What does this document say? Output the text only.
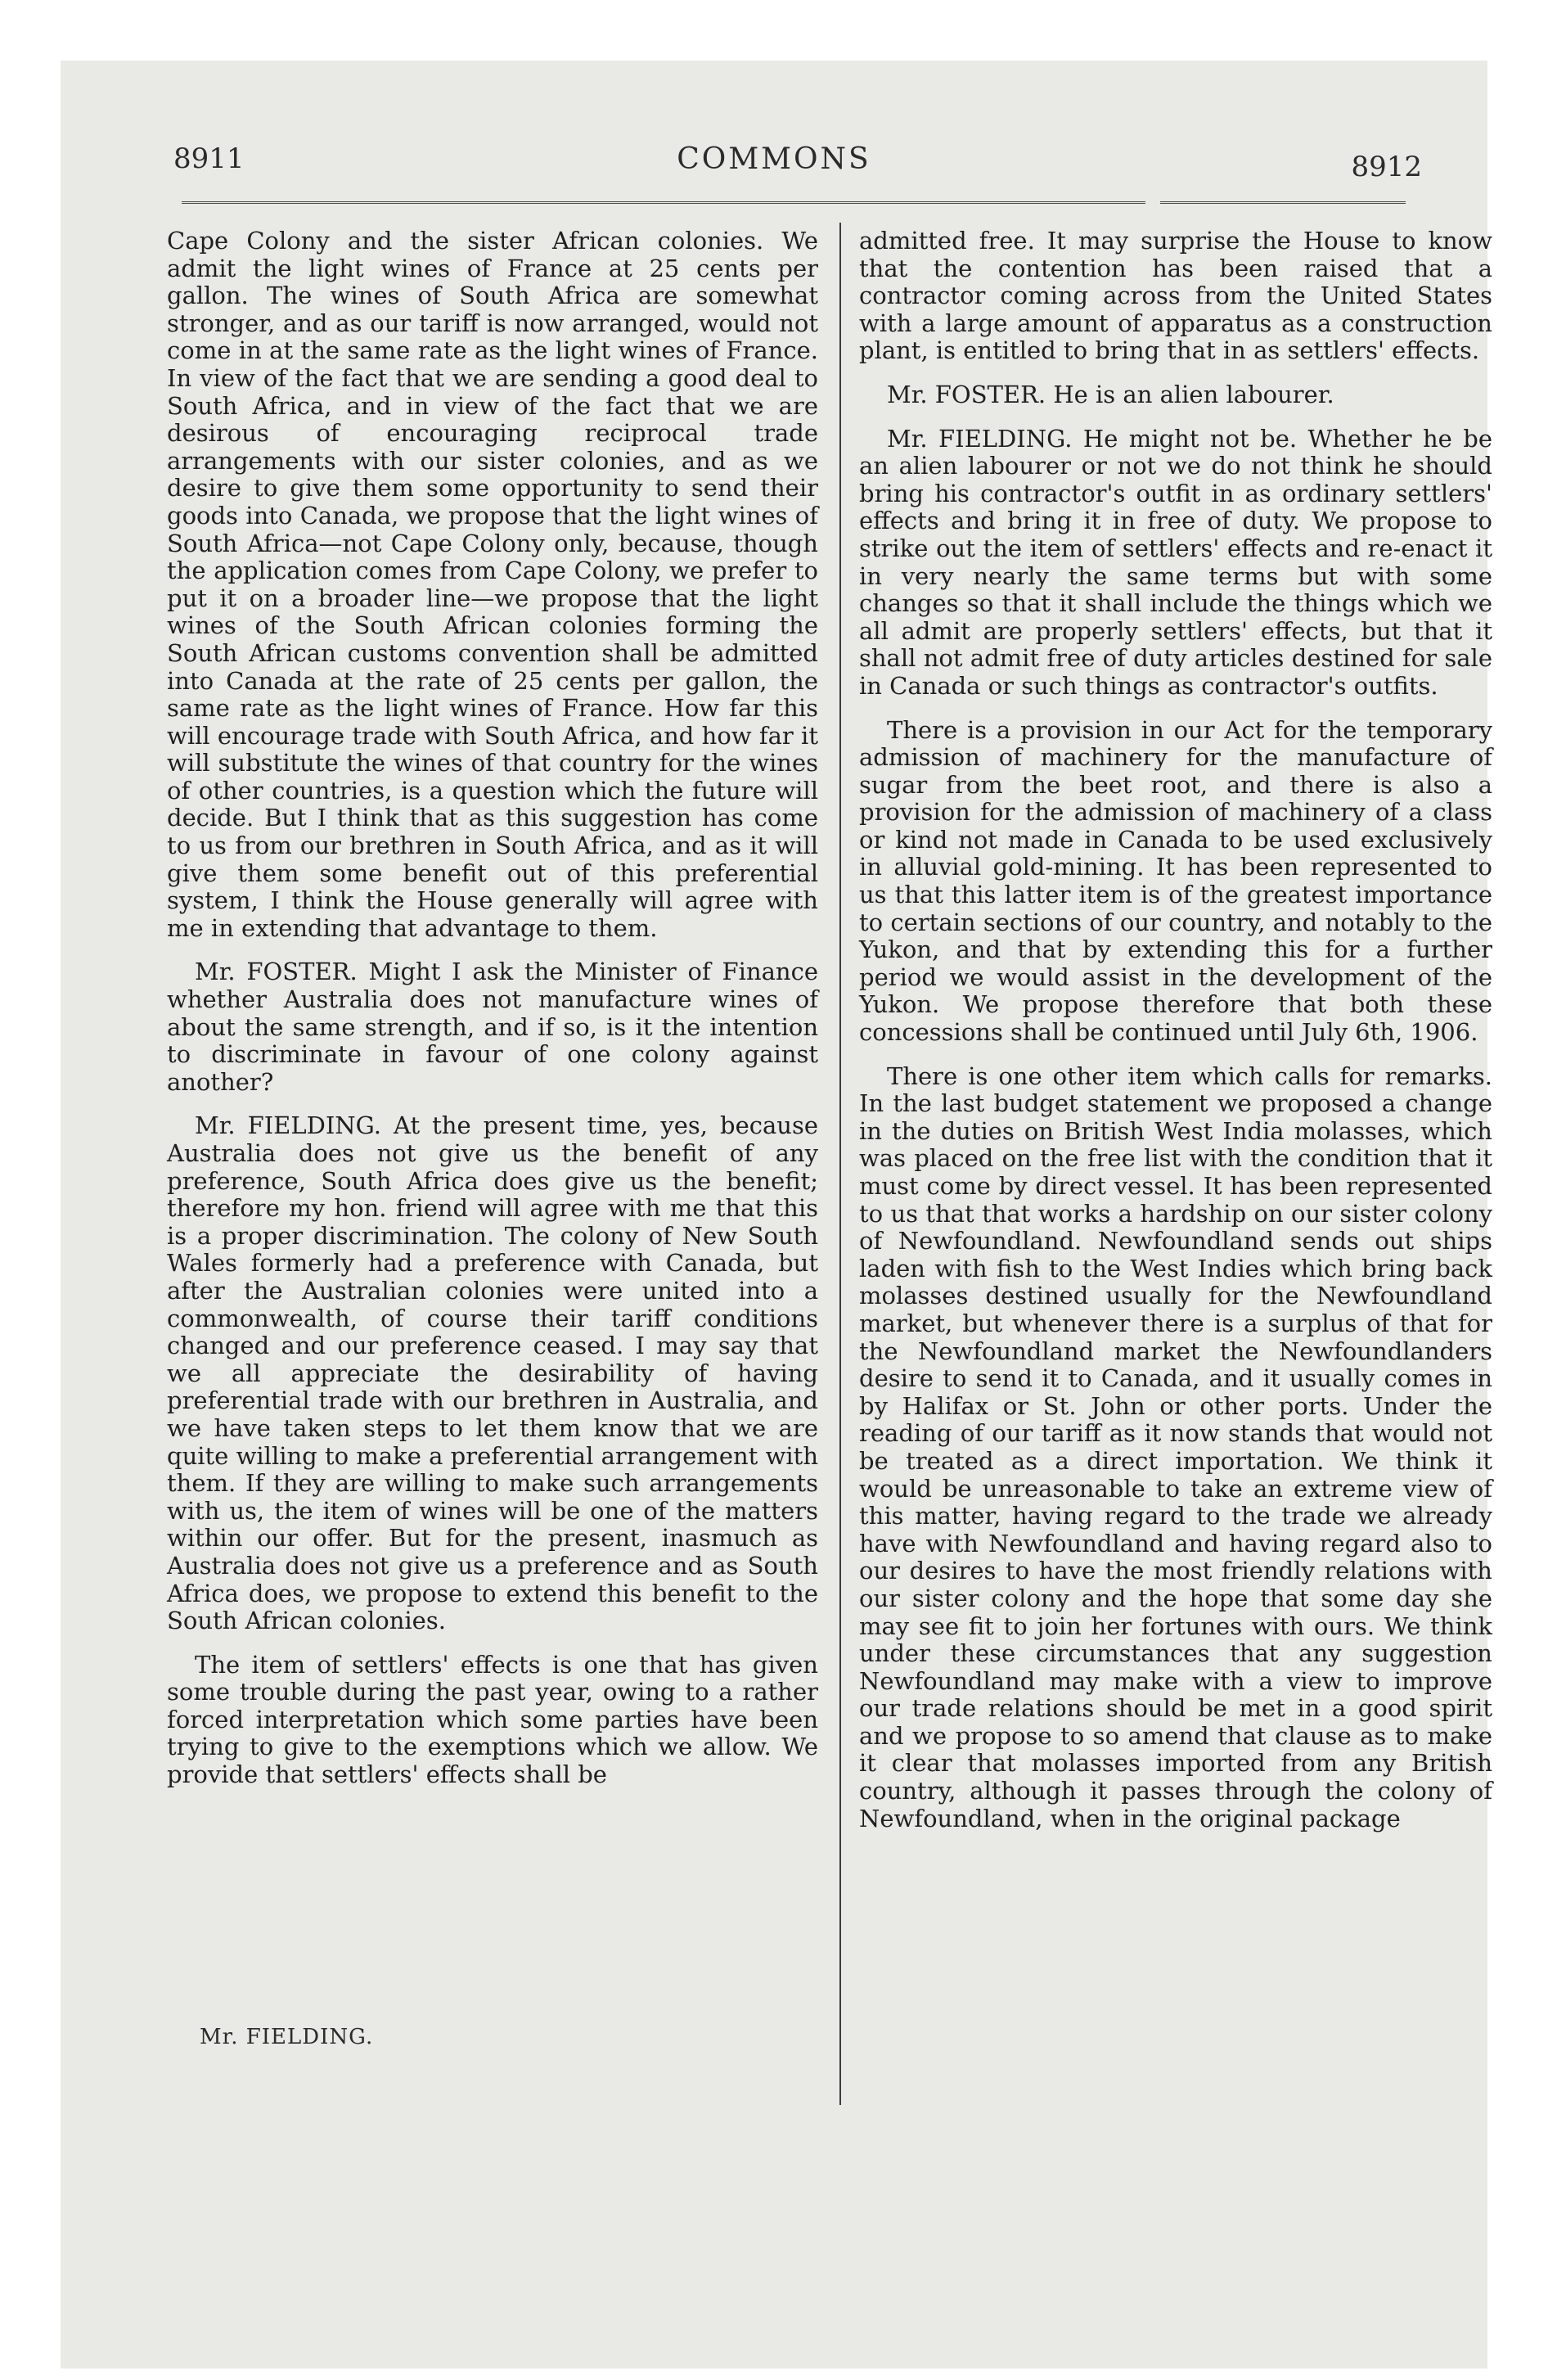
8911	COMMONS	8912

Cape Colony and the sister African colonies. We admit the light wines of France at 25 cents per gallon. The wines of South Africa are somewhat stronger, and as our tariff is now arranged, would not come in at the same rate as the light wines of France. In view of the fact that we are sending a good deal to South Africa, and in view of the fact that we are desirous of encouraging reciprocal trade arrangements with our sister colonies, and as we desire to give them some opportunity to send their goods into Canada, we propose that the light wines of South Africa—not Cape Colony only, because, though the application comes from Cape Colony, we prefer to put it on a broader line—we propose that the light wines of the South African colonies forming the South African customs convention shall be admitted into Canada at the rate of 25 cents per gallon, the same rate as the light wines of France. How far this will encourage trade with South Africa, and how far it will substitute the wines of that country for the wines of other countries, is a question which the future will decide. But I think that as this suggestion has come to us from our brethren in South Africa, and as it will give them some benefit out of this preferential system, I think the House generally will agree with me in extending that advantage to them.

Mr. FOSTER. Might I ask the Minister of Finance whether Australia does not manufacture wines of about the same strength, and if so, is it the intention to discriminate in favour of one colony against another?

Mr. FIELDING. At the present time, yes, because Australia does not give us the benefit of any preference, South Africa does give us the benefit; therefore my hon. friend will agree with me that this is a proper discrimination. The colony of New South Wales formerly had a preference with Canada, but after the Australian colonies were united into a commonwealth, of course their tariff conditions changed and our preference ceased. I may say that we all appreciate the desirability of having preferential trade with our brethren in Australia, and we have taken steps to let them know that we are quite willing to make a preferential arrangement with them. If they are willing to make such arrangements with us, the item of wines will be one of the matters within our offer. But for the present, inasmuch as Australia does not give us a preference and as South Africa does, we propose to extend this benefit to the South African colonies.

The item of settlers' effects is one that has given some trouble during the past year, owing to a rather forced interpretation which some parties have been trying to give to the exemptions which we allow. We provide that settlers' effects shall be

admitted free. It may surprise the House to know that the contention has been raised that a contractor coming across from the United States with a large amount of apparatus as a construction plant, is entitled to bring that in as settlers' effects.

Mr. FOSTER. He is an alien labourer.

Mr. FIELDING. He might not be. Whether he be an alien labourer or not we do not think he should bring his contractor's outfit in as ordinary settlers' effects and bring it in free of duty. We propose to strike out the item of settlers' effects and re-enact it in very nearly the same terms but with some changes so that it shall include the things which we all admit are properly settlers' effects, but that it shall not admit free of duty articles destined for sale in Canada or such things as contractor's outfits.

There is a provision in our Act for the temporary admission of machinery for the manufacture of sugar from the beet root, and there is also a provision for the admission of machinery of a class or kind not made in Canada to be used exclusively in alluvial gold-mining. It has been represented to us that this latter item is of the greatest importance to certain sections of our country, and notably to the Yukon, and that by extending this for a further period we would assist in the development of the Yukon. We propose therefore that both these concessions shall be continued until July 6th, 1906.

There is one other item which calls for remarks. In the last budget statement we proposed a change in the duties on British West India molasses, which was placed on the free list with the condition that it must come by direct vessel. It has been represented to us that that works a hardship on our sister colony of Newfoundland. Newfoundland sends out ships laden with fish to the West Indies which bring back molasses destined usually for the Newfoundland market, but whenever there is a surplus of that for the Newfoundland market the Newfoundlanders desire to send it to Canada, and it usually comes in by Halifax or St. John or other ports. Under the reading of our tariff as it now stands that would not be treated as a direct importation. We think it would be unreasonable to take an extreme view of this matter, having regard to the trade we already have with Newfoundland and having regard also to our desires to have the most friendly relations with our sister colony and the hope that some day she may see fit to join her fortunes with ours. We think under these circumstances that any suggestion Newfoundland may make with a view to improve our trade relations should be met in a good spirit and we propose to so amend that clause as to make it clear that molasses imported from any British country, although it passes through the colony of Newfoundland, when in the original package

Mr. FIELDING.
